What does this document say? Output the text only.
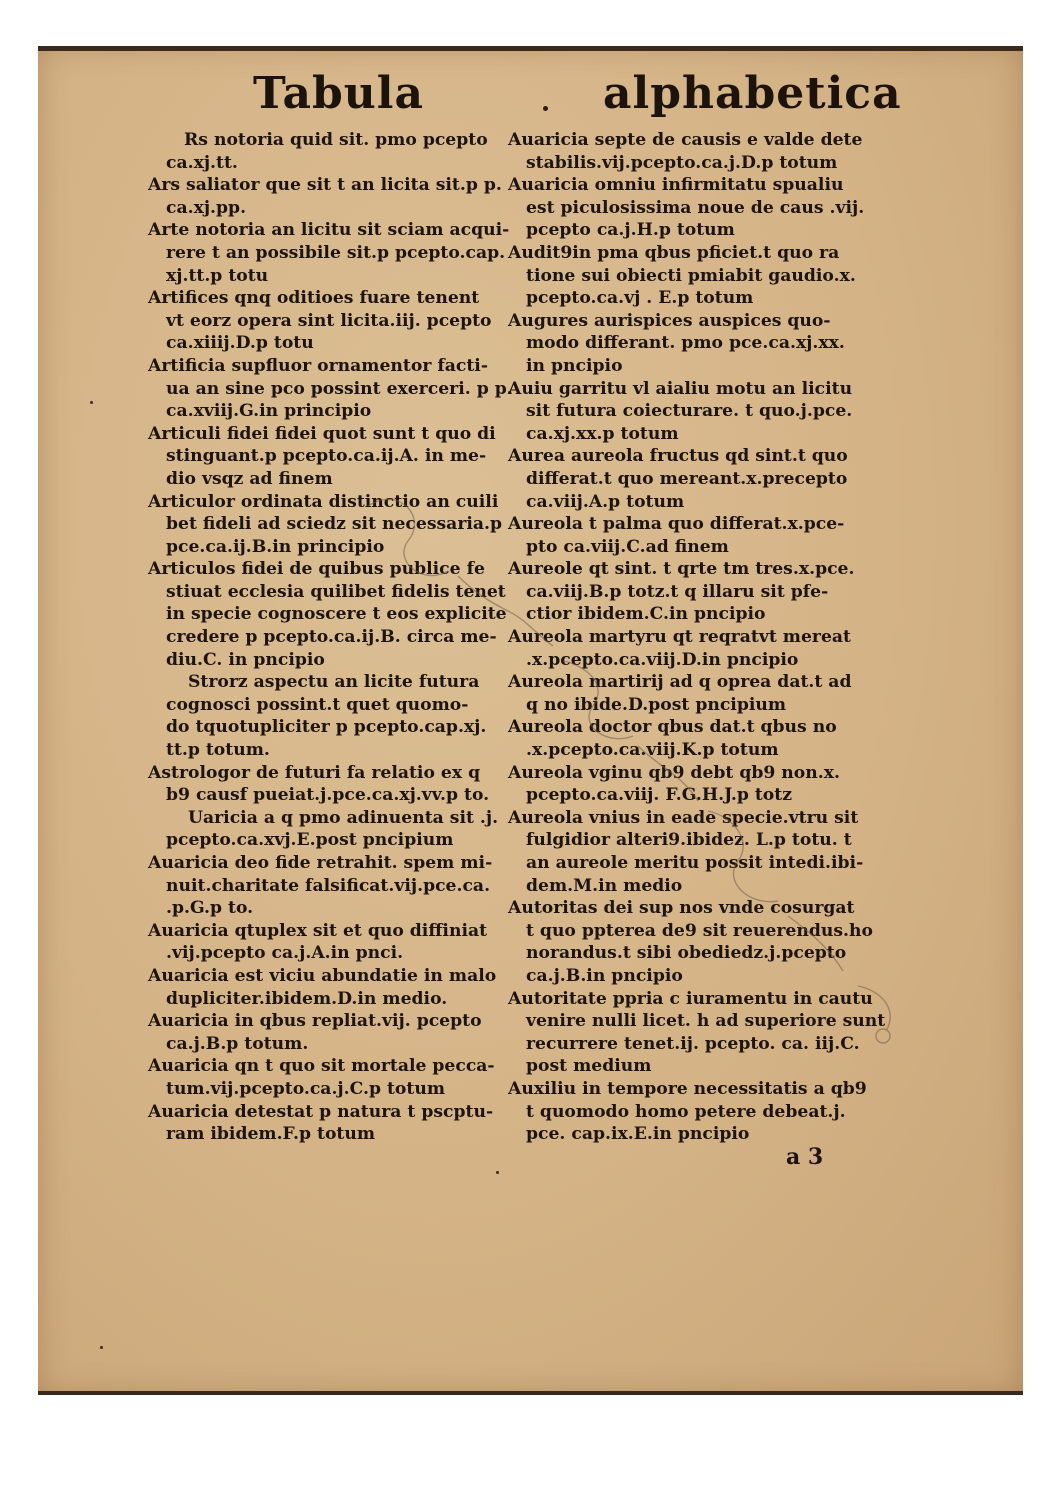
Tabula	alphabetica
Rs notoria quid sit. pmo pcepto
ca.xj.tt.
Ars saliator que sit t an licita sit.p p.
ca.xj.pp.
Arte notoria an licitu sit sciam acqui-
rere t an possibile sit.p pcepto.cap.
xj.tt.p totu
Artifices qnq oditioes fuare tenent
vt eorz opera sint licita.iij. pcepto
ca.xiiij.D.p totu
Artificia supfluor ornamentor facti-
ua an sine pco possint exerceri. p p.
ca.xviij.G.in principio
Articuli fidei fidei quot sunt t quo di
stinguant.p pcepto.ca.ij.A. in me-
dio vsqz ad finem
Articulor ordinata distinctio an cuili
bet fideli ad sciedz sit necessaria.p
pce.ca.ij.B.in principio
Articulos fidei de quibus publice fe
stiuat ecclesia quilibet fidelis tenet
in specie cognoscere t eos explicite
credere p pcepto.ca.ij.B. circa me-
diu.C. in pncipio
Strorz aspectu an licite futura
cognosci possint.t quet quomo-
do tquotupliciter p pcepto.cap.xj.
tt.p totum.
Astrologor de futuri fa relatio ex q
b9 causf pueiat.j.pce.ca.xj.vv.p to.
Uaricia a q pmo adinuenta sit .j.
pcepto.ca.xvj.E.post pncipium
Auaricia deo fide retrahit. spem mi-
nuit.charitate falsificat.vij.pce.ca.
.p.G.p to.
Auaricia qtuplex sit et quo diffiniat
.vij.pcepto ca.j.A.in pnci.
Auaricia est viciu abundatie in malo
dupliciter.ibidem.D.in medio.
Auaricia in qbus repliat.vij. pcepto
ca.j.B.p totum.
Auaricia qn t quo sit mortale pecca-
tum.vij.pcepto.ca.j.C.p totum
Auaricia detestat p natura t pscptu-
ram ibidem.F.p totum
Auaricia septe de causis e valde dete
stabilis.vij.pcepto.ca.j.D.p totum
Auaricia omniu infirmitatu spualiu
est piculosissima noue de caus .vij.
pcepto ca.j.H.p totum
Audit9in pma qbus pficiet.t quo ra
tione sui obiecti pmiabit gaudio.x.
pcepto.ca.vj . E.p totum
Augures aurispices auspices quo-
modo differant. pmo pce.ca.xj.xx.
in pncipio
Auiu garritu vl aialiu motu an licitu
sit futura coiecturare. t quo.j.pce.
ca.xj.xx.p totum
Aurea aureola fructus qd sint.t quo
differat.t quo mereant.x.precepto
ca.viij.A.p totum
Aureola t palma quo differat.x.pce-
pto ca.viij.C.ad finem
Aureole qt sint. t qrte tm tres.x.pce.
ca.viij.B.p totz.t q illaru sit pfe-
ctior ibidem.C.in pncipio
Aureola martyru qt reqratvt mereat
.x.pcepto.ca.viij.D.in pncipio
Aureola martirij ad q oprea dat.t ad
q no ibide.D.post pncipium
Aureola doctor qbus dat.t qbus no
.x.pcepto.ca.viij.K.p totum
Aureola vginu qb9 debt qb9 non.x.
pcepto.ca.viij. F.G.H.J.p totz
Aureola vnius in eade specie.vtru sit
fulgidior alteri9.ibidez. L.p totu. t
an aureole meritu possit intedi.ibi-
dem.M.in medio
Autoritas dei sup nos vnde cosurgat
t quo ppterea de9 sit reuerendus.ho
norandus.t sibi obediedz.j.pcepto
ca.j.B.in pncipio
Autoritate ppria c iuramentu in cautu
venire nulli licet. h ad superiore sunt
recurrere tenet.ij. pcepto. ca. iij.C.
post medium
Auxiliu in tempore necessitatis a qb9
t quomodo homo petere debeat.j.
pce. cap.ix.E.in pncipio
a 3
